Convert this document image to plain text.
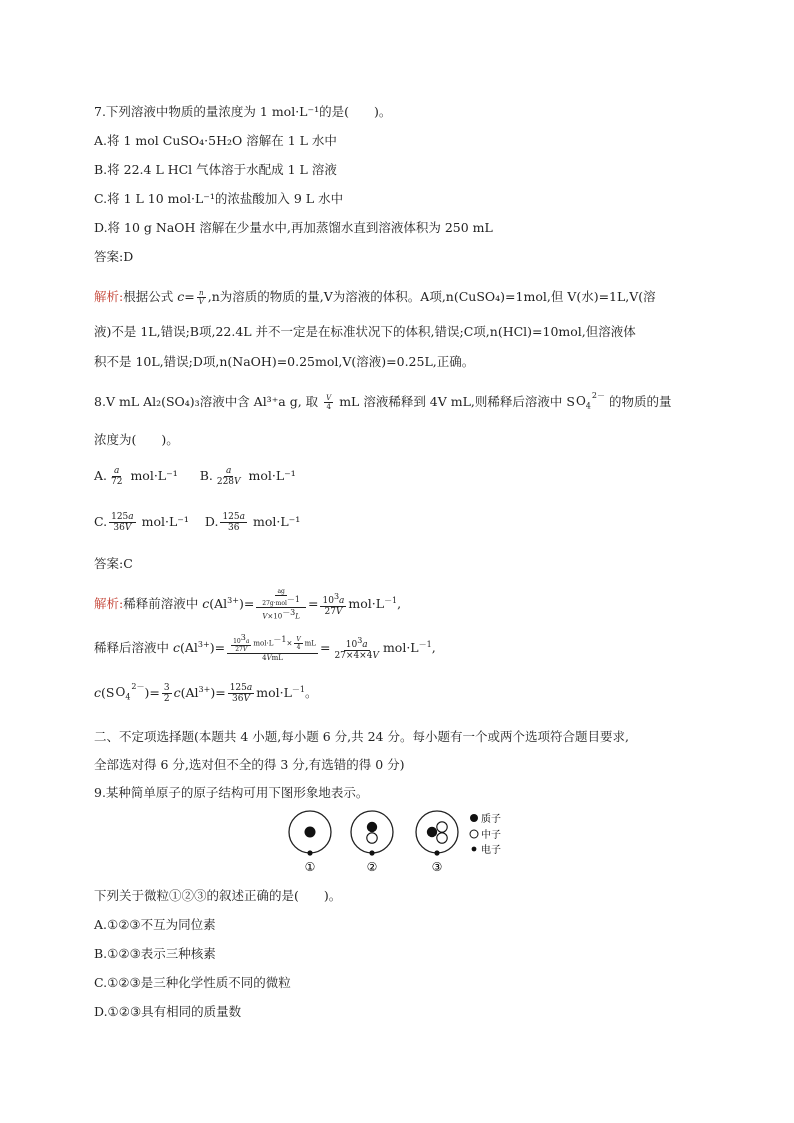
7.下列溶液中物质的量浓度为 1 mol·L⁻¹的是(　　)。
A.将 1 mol CuSO₄·5H₂O 溶解在 1 L 水中
B.将 22.4 L HCl 气体溶于水配成 1 L 溶液
C.将 1 L 10 mol·L⁻¹的浓盐酸加入 9 L 水中
D.将 10 g NaOH 溶解在少量水中,再加蒸馏水直到溶液体积为 250 mL
答案:D
解析:根据公式 $c= \frac{n}{V} ,n$为溶质的物质的量,V为溶液的体积。A项,n(CuSO₄)=1mol,但 V(水)=1L,V(溶
液)不是 1L,错误;B项,22.4L 并不一定是在标准状况下的体积,错误;C项,n(HCl)=10mol,但溶液体
积不是 10L,错误;D项,n(NaOH)=0.25mol,V(溶液)=0.25L,正确。
8.V mL Al₂(SO₄)₃溶液中含 Al³⁺a g, 取 $\frac{V}{4}$ mL 溶液稀释到 4V mL,则稀释后溶液中 S $O_4$
2－ 的物质的量
浓度为(　　)。
A. $\frac{a}{72} mol\cdot L^{-1}$ B. $\frac{a}{228V} mol\cdot L^{-1}$
C. $\frac{125a}{36V} mol\cdot L^{-1}$ D. $\frac{125a}{36} mol\cdot L^{-1}$
答案:C
解析:稀释前溶液中 $c(Al^{3+})= \frac{\frac{ag}{27g\cdot mol^{-1}}}{V\times 10^{-3}L} = \frac{10^3a}{27V} mol\cdot L^{-1}$,
稀释后溶液中 $c(Al^{3+})= \frac{\frac{10^3a}{27V} mol\cdot L^{-1}\times \frac{V}{4} mL}{\text{4VmL}} = \frac{10^3a}{27\times 4\times 4V} mol\cdot L^{-1}$,
c(S $O_4$
2－ )= $\frac{3}{2} c(Al^{3+})= \frac{125a}{36V} mol\cdot L^{-1}$。
二、不定项选择题(本题共 4 小题,每小题 6 分,共 24 分。每小题有一个或两个选项符合题目要求,
全部选对得 6 分,选对但不全的得 3 分,有选错的得 0 分)
9.某种简单原子的原子结构可用下图形象地表示。
①	②	③
质子
中子
电子
下列关于微粒①②③的叙述正确的是(　　)。
A.①②③不互为同位素
B.①②③表示三种核素
C.①②③是三种化学性质不同的微粒
D.①②③具有相同的质量数
